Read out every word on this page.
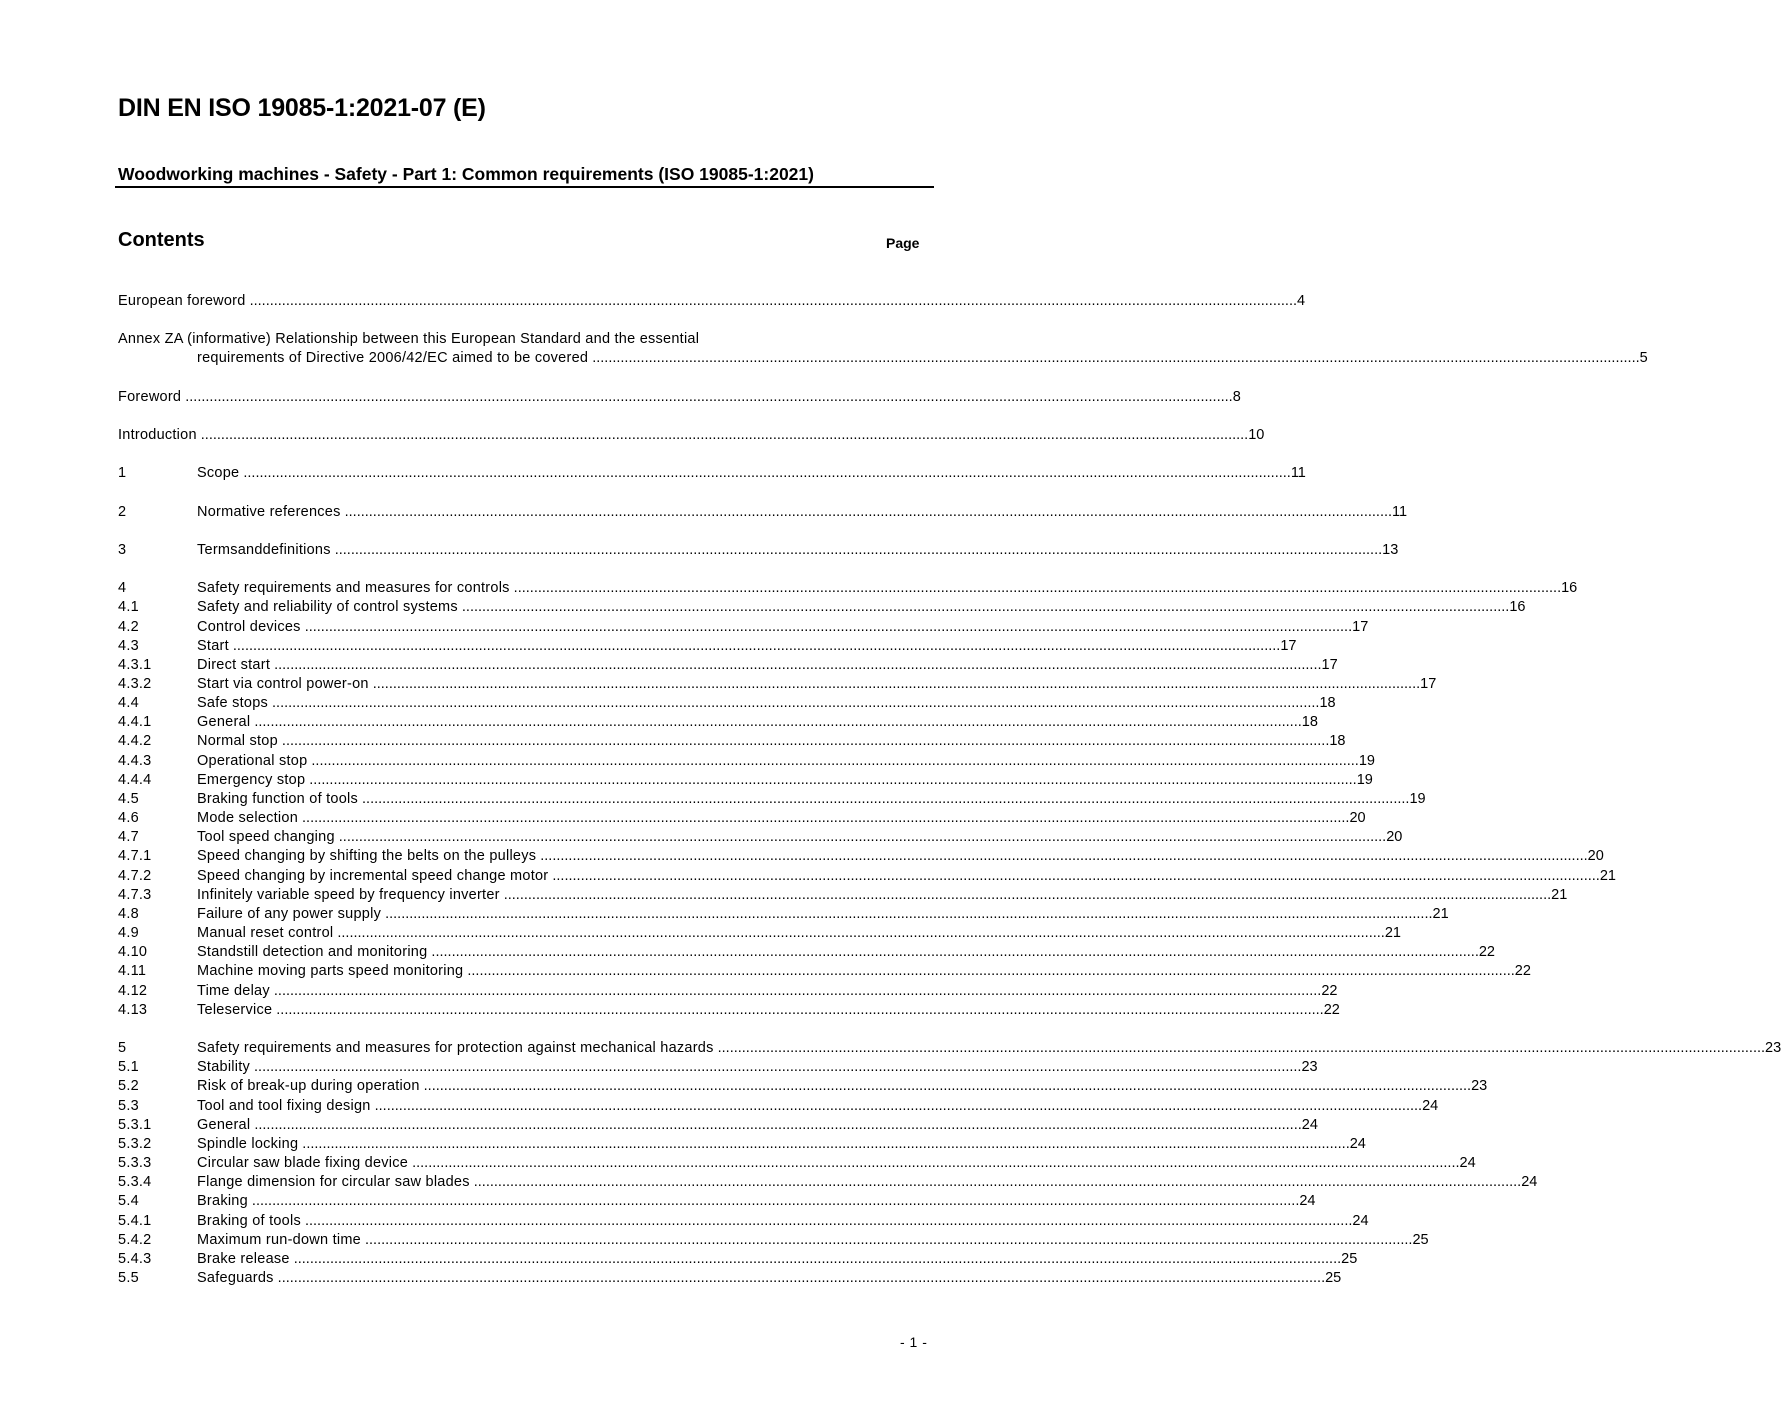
DIN EN ISO 19085-1:2021-07 (E)
Woodworking machines - Safety - Part 1: Common requirements (ISO 19085-1:2021)
Contents	Page
European foreword .................................................................................................................................................................................................................................................................... 4
Annex ZA (informative) Relationship between this European Standard and the essential
requirements of Directive 2006/42/EC aimed to be covered .................................................................................................................................................................................................................................................................... 5
Foreword .................................................................................................................................................................................................................................................................... 8
Introduction .................................................................................................................................................................................................................................................................... 10
1	Scope .................................................................................................................................................................................................................................................................... 11
2	Normative references .................................................................................................................................................................................................................................................................... 11
3	Termsanddefinitions .................................................................................................................................................................................................................................................................... 13
4	Safety requirements and measures for controls .................................................................................................................................................................................................................................................................... 16
4.1	Safety and reliability of control systems .................................................................................................................................................................................................................................................................... 16
4.2	Control devices .................................................................................................................................................................................................................................................................... 17
4.3	Start .................................................................................................................................................................................................................................................................... 17
4.3.1	Direct start .................................................................................................................................................................................................................................................................... 17
4.3.2	Start via control power-on .................................................................................................................................................................................................................................................................... 17
4.4	Safe stops .................................................................................................................................................................................................................................................................... 18
4.4.1	General .................................................................................................................................................................................................................................................................... 18
4.4.2	Normal stop .................................................................................................................................................................................................................................................................... 18
4.4.3	Operational stop .................................................................................................................................................................................................................................................................... 19
4.4.4	Emergency stop .................................................................................................................................................................................................................................................................... 19
4.5	Braking function of tools .................................................................................................................................................................................................................................................................... 19
4.6	Mode selection .................................................................................................................................................................................................................................................................... 20
4.7	Tool speed changing .................................................................................................................................................................................................................................................................... 20
4.7.1	Speed changing by shifting the belts on the pulleys .................................................................................................................................................................................................................................................................... 20
4.7.2	Speed changing by incremental speed change motor .................................................................................................................................................................................................................................................................... 21
4.7.3	Infinitely variable speed by frequency inverter .................................................................................................................................................................................................................................................................... 21
4.8	Failure of any power supply .................................................................................................................................................................................................................................................................... 21
4.9	Manual reset control .................................................................................................................................................................................................................................................................... 21
4.10	Standstill detection and monitoring .................................................................................................................................................................................................................................................................... 22
4.11	Machine moving parts speed monitoring .................................................................................................................................................................................................................................................................... 22
4.12	Time delay .................................................................................................................................................................................................................................................................... 22
4.13	Teleservice .................................................................................................................................................................................................................................................................... 22
5	Safety requirements and measures for protection against mechanical hazards .................................................................................................................................................................................................................................................................... 23
5.1	Stability .................................................................................................................................................................................................................................................................... 23
5.2	Risk of break-up during operation .................................................................................................................................................................................................................................................................... 23
5.3	Tool and tool fixing design .................................................................................................................................................................................................................................................................... 24
5.3.1	General .................................................................................................................................................................................................................................................................... 24
5.3.2	Spindle locking .................................................................................................................................................................................................................................................................... 24
5.3.3	Circular saw blade fixing device .................................................................................................................................................................................................................................................................... 24
5.3.4	Flange dimension for circular saw blades .................................................................................................................................................................................................................................................................... 24
5.4	Braking .................................................................................................................................................................................................................................................................... 24
5.4.1	Braking of tools .................................................................................................................................................................................................................................................................... 24
5.4.2	Maximum run-down time .................................................................................................................................................................................................................................................................... 25
5.4.3	Brake release .................................................................................................................................................................................................................................................................... 25
5.5	Safeguards .................................................................................................................................................................................................................................................................... 25
- 1 -
